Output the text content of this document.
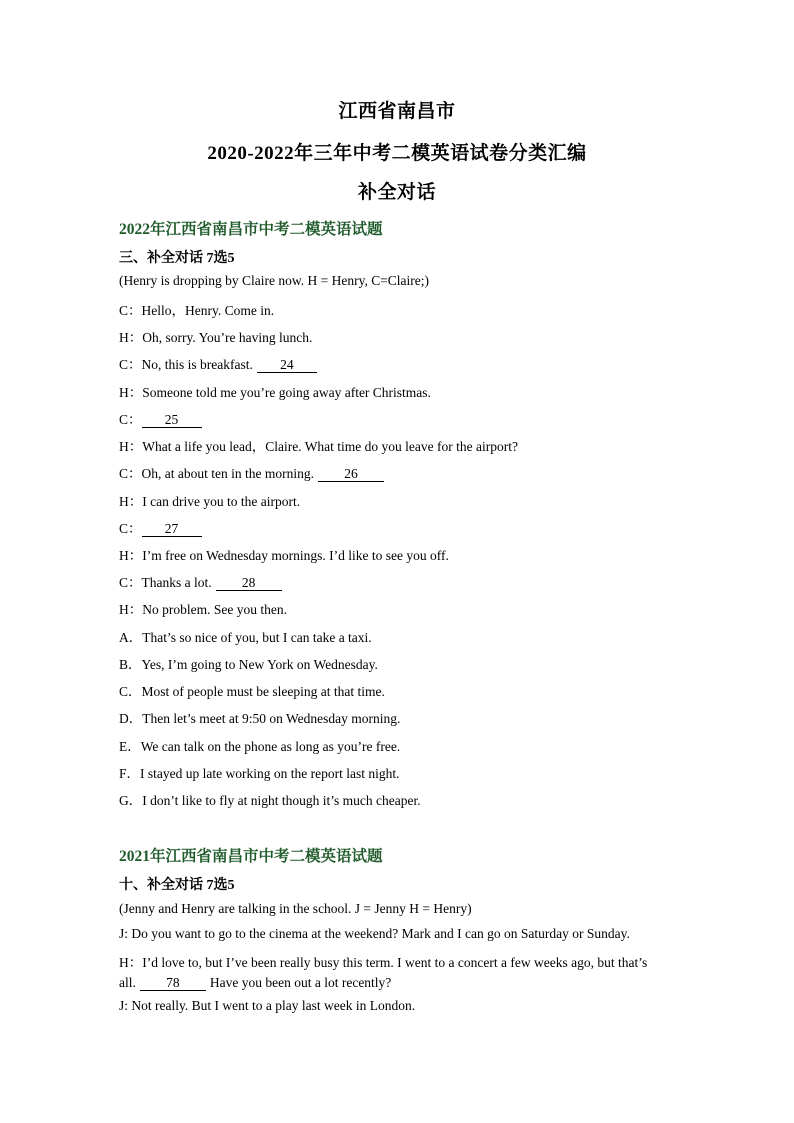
江西省南昌市
2020-2022年三年中考二模英语试卷分类汇编
补全对话
2022年江西省南昌市中考二模英语试题
三、补全对话 7选5
(Henry is dropping by Claire now. H = Henry, C=Claire;)
C：Hello，Henry. Come in.
H：Oh, sorry. You’re having lunch.
C：No, this is breakfast. 24
H：Someone told me you’re going away after Christmas.
C： 25
H：What a life you lead，Claire. What time do you leave for the airport?
C：Oh, at about ten in the morning. 26
H：I can drive you to the airport.
C： 27
H：I’m free on Wednesday mornings. I’d like to see you off.
C：Thanks a lot. 28
H：No problem. See you then.
A．That’s so nice of you, but I can take a taxi.
B．Yes, I’m going to New York on Wednesday.
C．Most of people must be sleeping at that time.
D．Then let’s meet at 9:50 on Wednesday morning.
E．We can talk on the phone as long as you’re free.
F．I stayed up late working on the report last night.
G．I don’t like to fly at night though it’s much cheaper.
2021年江西省南昌市中考二模英语试题
十、补全对话 7选5
(Jenny and Henry are talking in the school. J = Jenny H = Henry)
J: Do you want to go to the cinema at the weekend? Mark and I can go on Saturday or Sunday.
H：I’d love to, but I’ve been really busy this term. I went to a concert a few weeks ago, but that’s
all. 78 Have you been out a lot recently?
J: Not really. But I went to a play last week in London.
